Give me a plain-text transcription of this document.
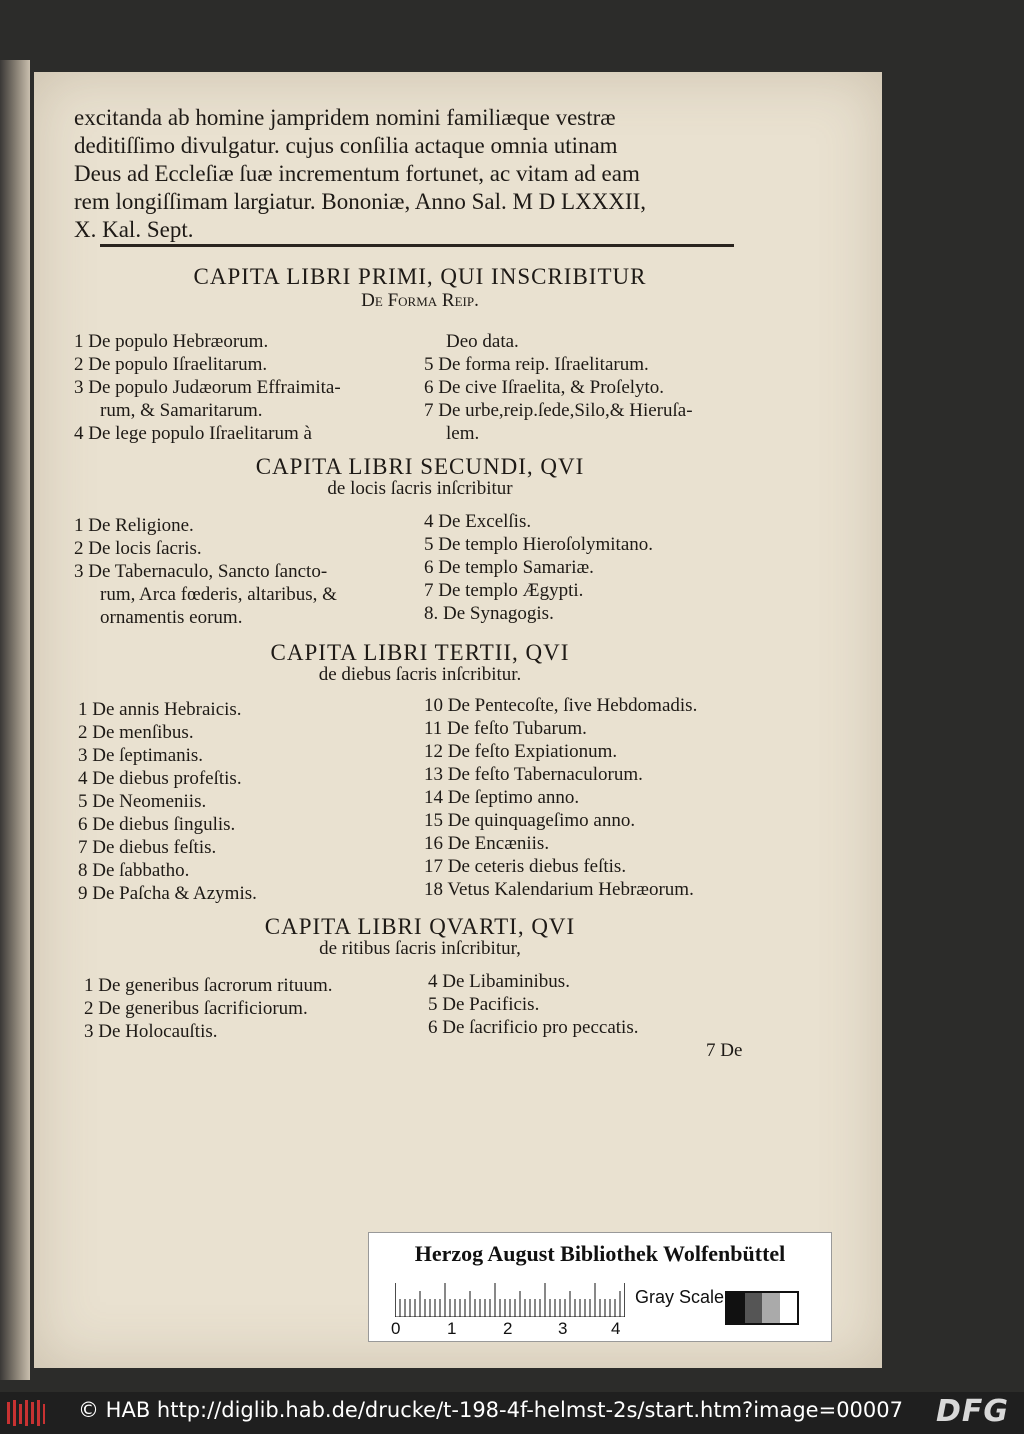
excitanda ab homine jampridem nomini familiæque vestræ
deditiſſimo divulgatur. cujus conſilia actaque omnia utinam
Deus ad Eccleſiæ ſuæ incrementum fortunet, ac vitam ad eam
rem longiſſimam largiatur. Bononiæ, Anno Sal. M D LXXXII,
X. Kal. Sept.
CAPITA LIBRI PRIMI, QUI INSCRIBITUR
De Forma Reip.
1 De populo Hebræorum.
2 De populo Iſraelitarum.
3 De populo Judæorum Effraimita-
rum, & Samaritarum.
4 De lege populo Iſraelitarum à
Deo data.
5 De forma reip. Iſraelitarum.
6 De cive Iſraelita, & Proſelyto.
7 De urbe,reip.ſede,Silo,& Hieruſa-
lem.
CAPITA LIBRI SECUNDI, QVI
de locis ſacris inſcribitur
1 De Religione.
2 De locis ſacris.
3 De Tabernaculo, Sancto ſancto-
rum, Arca fœderis, altaribus, &
ornamentis eorum.
4 De Excelſis.
5 De templo Hieroſolymitano.
6 De templo Samariæ.
7 De templo Ægypti.
8. De Synagogis.
CAPITA LIBRI TERTII, QVI
de diebus ſacris inſcribitur.
1 De annis Hebraicis.
2 De menſibus.
3 De ſeptimanis.
4 De diebus profeſtis.
5 De Neomeniis.
6 De diebus ſingulis.
7 De diebus feſtis.
8 De ſabbatho.
9 De Paſcha & Azymis.
10 De Pentecoſte, ſive Hebdomadis.
11 De feſto Tubarum.
12 De feſto Expiationum.
13 De feſto Tabernaculorum.
14 De ſeptimo anno.
15 De quinquageſimo anno.
16 De Encæniis.
17 De ceteris diebus feſtis.
18 Vetus Kalendarium Hebræorum.
CAPITA LIBRI QVARTI, QVI
de ritibus ſacris inſcribitur,
1 De generibus ſacrorum rituum.
2 De generibus ſacrificiorum.
3 De Holocauſtis.
4 De Libaminibus.
5 De Pacificis.
6 De ſacrificio pro peccatis.
7 De
Herzog August Bibliothek Wolfenbüttel
0	1	2	3	4
Gray Scale
© HAB http://diglib.hab.de/drucke/t-198-4f-helmst-2s/start.htm?image=00007 DFG
